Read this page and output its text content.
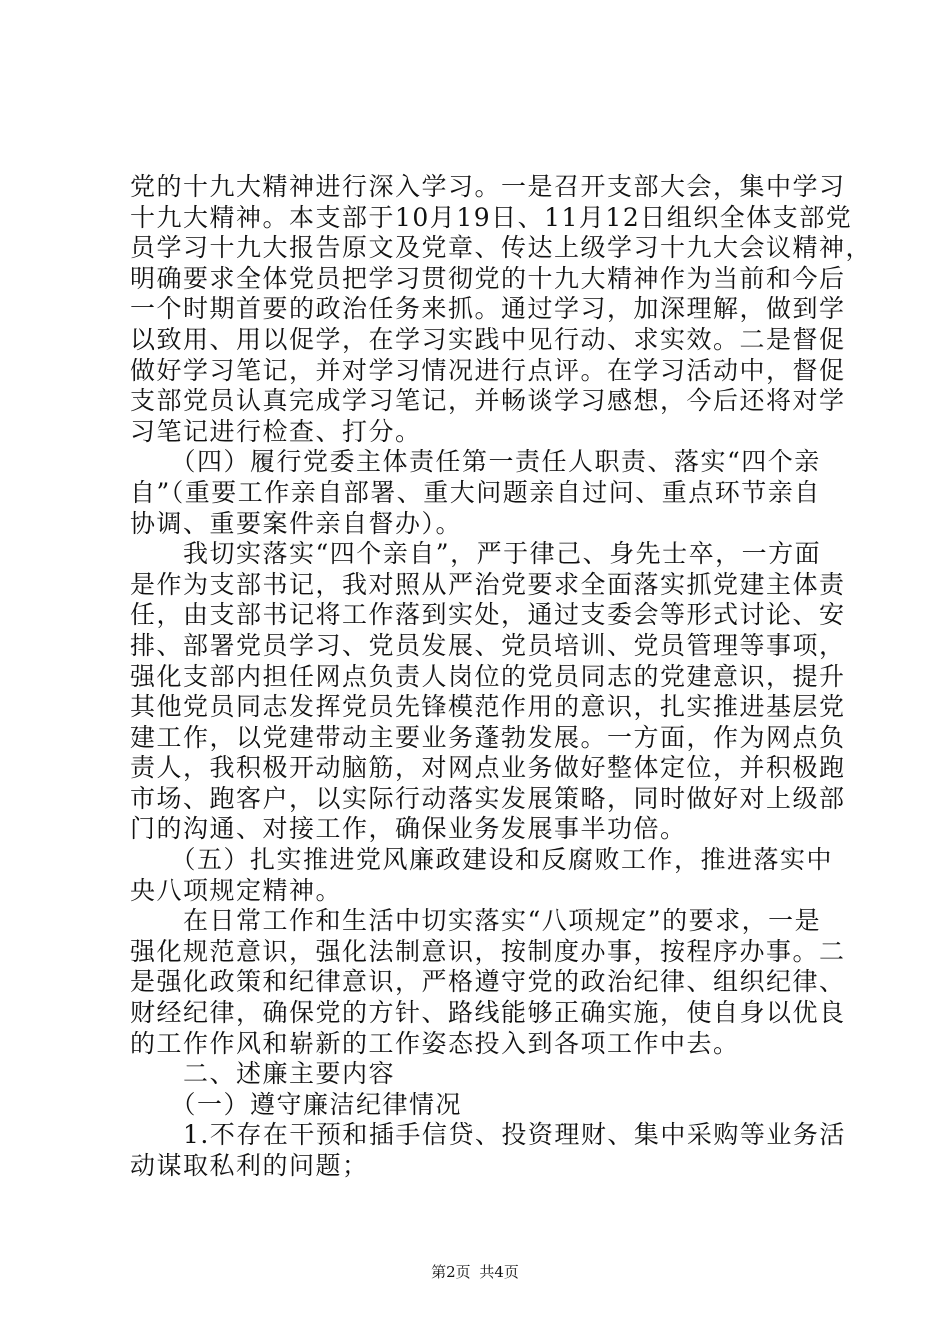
党的十九大精神进行深入学习。一是召开支部大会，集中学习
十九大精神。本支部于10月19日、11月12日组织全体支部党
员学习十九大报告原文及党章、传达上级学习十九大会议精神，
明确要求全体党员把学习贯彻党的十九大精神作为当前和今后
一个时期首要的政治任务来抓。通过学习，加深理解，做到学
以致用、用以促学，在学习实践中见行动、求实效。二是督促
做好学习笔记，并对学习情况进行点评。在学习活动中，督促
支部党员认真完成学习笔记，并畅谈学习感想，今后还将对学
习笔记进行检查、打分。
　　（四）履行党委主体责任第一责任人职责、落实“四个亲
自”（重要工作亲自部署、重大问题亲自过问、重点环节亲自
协调、重要案件亲自督办）。
　　我切实落实“四个亲自”，严于律己、身先士卒，一方面
是作为支部书记，我对照从严治党要求全面落实抓党建主体责
任，由支部书记将工作落到实处，通过支委会等形式讨论、安
排、部署党员学习、党员发展、党员培训、党员管理等事项，
强化支部内担任网点负责人岗位的党员同志的党建意识，提升
其他党员同志发挥党员先锋模范作用的意识，扎实推进基层党
建工作，以党建带动主要业务蓬勃发展。一方面，作为网点负
责人，我积极开动脑筋，对网点业务做好整体定位，并积极跑
市场、跑客户，以实际行动落实发展策略，同时做好对上级部
门的沟通、对接工作，确保业务发展事半功倍。
　　（五）扎实推进党风廉政建设和反腐败工作，推进落实中
央八项规定精神。
　　在日常工作和生活中切实落实“八项规定”的要求，一是
强化规范意识，强化法制意识，按制度办事，按程序办事。二
是强化政策和纪律意识，严格遵守党的政治纪律、组织纪律、
财经纪律，确保党的方针、路线能够正确实施，使自身以优良
的工作作风和崭新的工作姿态投入到各项工作中去。
　　二、述廉主要内容
　　（一）遵守廉洁纪律情况
　　1.不存在干预和插手信贷、投资理财、集中采购等业务活
动谋取私利的问题；
第2页 共4页
